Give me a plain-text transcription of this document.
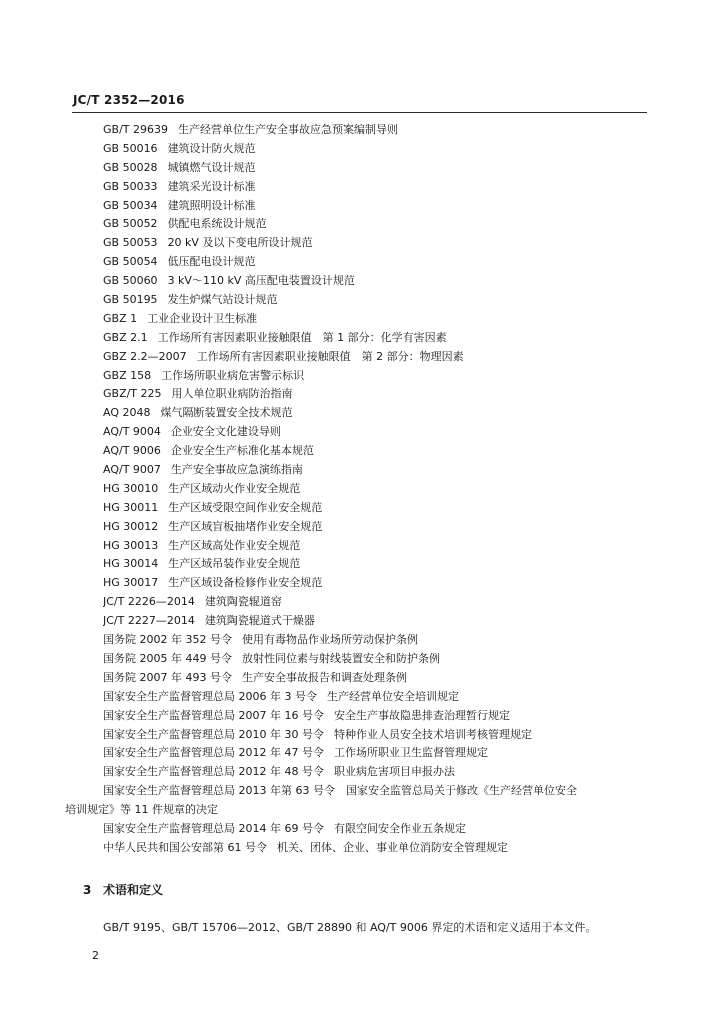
JC/T 2352—2016
GB/T 29639 生产经营单位生产安全事故应急预案编制导则
GB 50016 建筑设计防火规范
GB 50028 城镇燃气设计规范
GB 50033 建筑采光设计标准
GB 50034 建筑照明设计标准
GB 50052 供配电系统设计规范
GB 50053 20 kV 及以下变电所设计规范
GB 50054 低压配电设计规范
GB 50060 3 kV～110 kV 高压配电装置设计规范
GB 50195 发生炉煤气站设计规范
GBZ 1 工业企业设计卫生标准
GBZ 2.1 工作场所有害因素职业接触限值　第 1 部分：化学有害因素
GBZ 2.2—2007 工作场所有害因素职业接触限值　第 2 部分：物理因素
GBZ 158 工作场所职业病危害警示标识
GBZ/T 225 用人单位职业病防治指南
AQ 2048 煤气隔断装置安全技术规范
AQ/T 9004 企业安全文化建设导则
AQ/T 9006 企业安全生产标准化基本规范
AQ/T 9007 生产安全事故应急演练指南
HG 30010 生产区域动火作业安全规范
HG 30011 生产区域受限空间作业安全规范
HG 30012 生产区域盲板抽堵作业安全规范
HG 30013 生产区域高处作业安全规范
HG 30014 生产区域吊装作业安全规范
HG 30017 生产区域设备检修作业安全规范
JC/T 2226—2014 建筑陶瓷辊道窑
JC/T 2227—2014 建筑陶瓷辊道式干燥器
国务院 2002 年 352 号令 使用有毒物品作业场所劳动保护条例
国务院 2005 年 449 号令 放射性同位素与射线装置安全和防护条例
国务院 2007 年 493 号令 生产安全事故报告和调查处理条例
国家安全生产监督管理总局 2006 年 3 号令 生产经营单位安全培训规定
国家安全生产监督管理总局 2007 年 16 号令 安全生产事故隐患排查治理暂行规定
国家安全生产监督管理总局 2010 年 30 号令 特种作业人员安全技术培训考核管理规定
国家安全生产监督管理总局 2012 年 47 号令 工作场所职业卫生监督管理规定
国家安全生产监督管理总局 2012 年 48 号令 职业病危害项目申报办法
国家安全生产监督管理总局 2013 年第 63 号令　国家安全监管总局关于修改《生产经营单位安全
培训规定》等 11 件规章的决定
国家安全生产监督管理总局 2014 年 69 号令 有限空间安全作业五条规定
中华人民共和国公安部第 61 号令 机关、团体、企业、事业单位消防安全管理规定
3 术语和定义
GB/T 9195、GB/T 15706—2012、GB/T 28890 和 AQ/T 9006 界定的术语和定义适用于本文件。
2
